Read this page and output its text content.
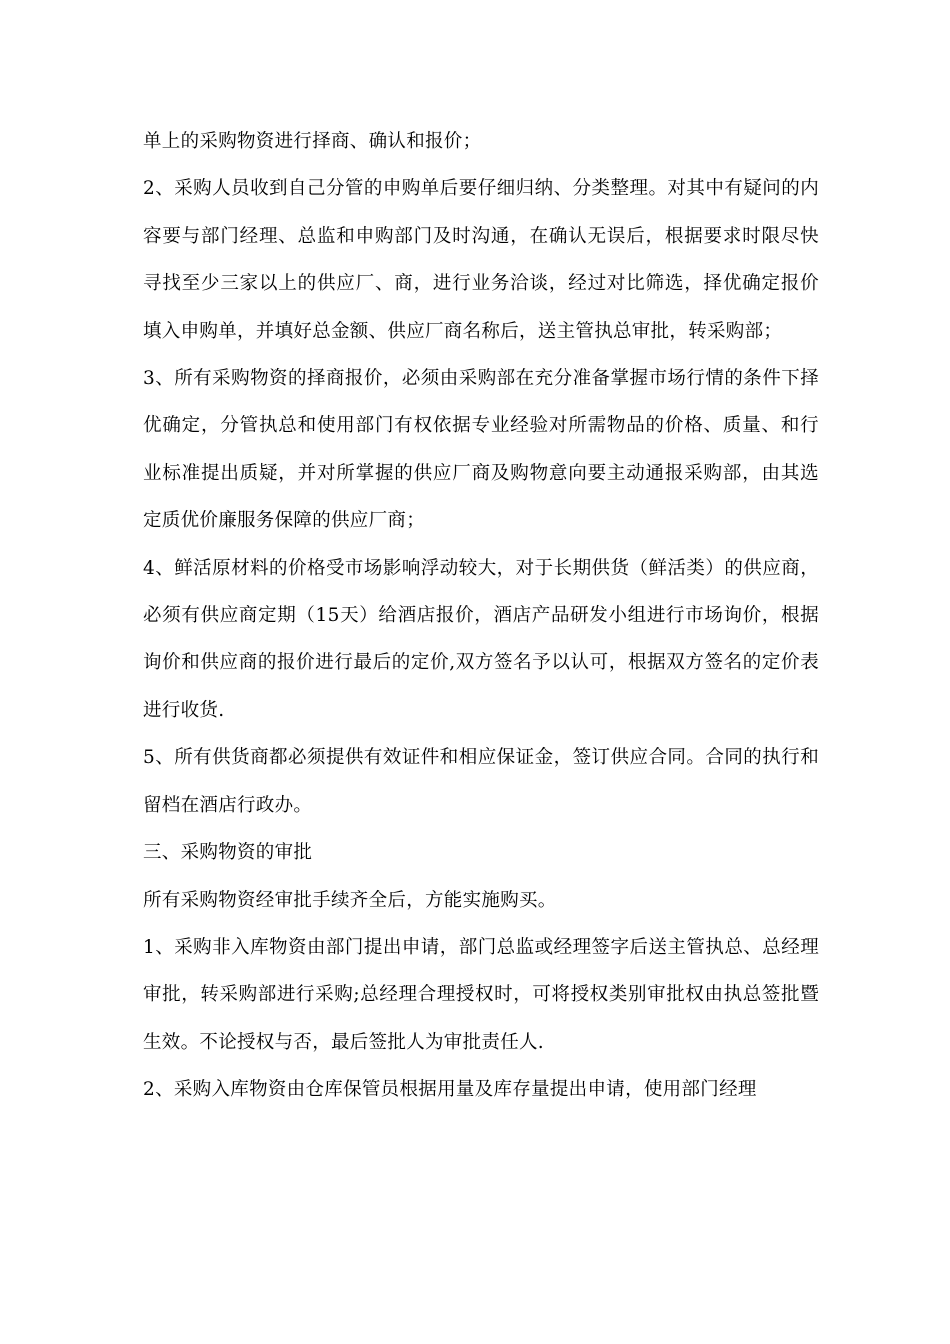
单上的采购物资进行择商、确认和报价；

2、采购人员收到自己分管的申购单后要仔细归纳、分类整理。对其中有疑问的内容要与部门经理、总监和申购部门及时沟通，在确认无误后，根据要求时限尽快寻找至少三家以上的供应厂、商，进行业务洽谈，经过对比筛选，择优确定报价填入申购单，并填好总金额、供应厂商名称后，送主管执总审批，转采购部；

3、所有采购物资的择商报价，必须由采购部在充分准备掌握市场行情的条件下择优确定，分管执总和使用部门有权依据专业经验对所需物品的价格、质量、和行业标准提出质疑，并对所掌握的供应厂商及购物意向要主动通报采购部，由其选定质优价廉服务保障的供应厂商；

4、鲜活原材料的价格受市场影响浮动较大，对于长期供货（鲜活类）的供应商，必须有供应商定期（15天）给酒店报价，酒店产品研发小组进行市场询价，根据询价和供应商的报价进行最后的定价,双方签名予以认可，根据双方签名的定价表进行收货.

5、所有供货商都必须提供有效证件和相应保证金，签订供应合同。合同的执行和留档在酒店行政办。

三、采购物资的审批

所有采购物资经审批手续齐全后，方能实施购买。

1、采购非入库物资由部门提出申请，部门总监或经理签字后送主管执总、总经理审批，转采购部进行采购;总经理合理授权时，可将授权类别审批权由执总签批暨生效。不论授权与否，最后签批人为审批责任人.

2、采购入库物资由仓库保管员根据用量及库存量提出申请，使用部门经理
